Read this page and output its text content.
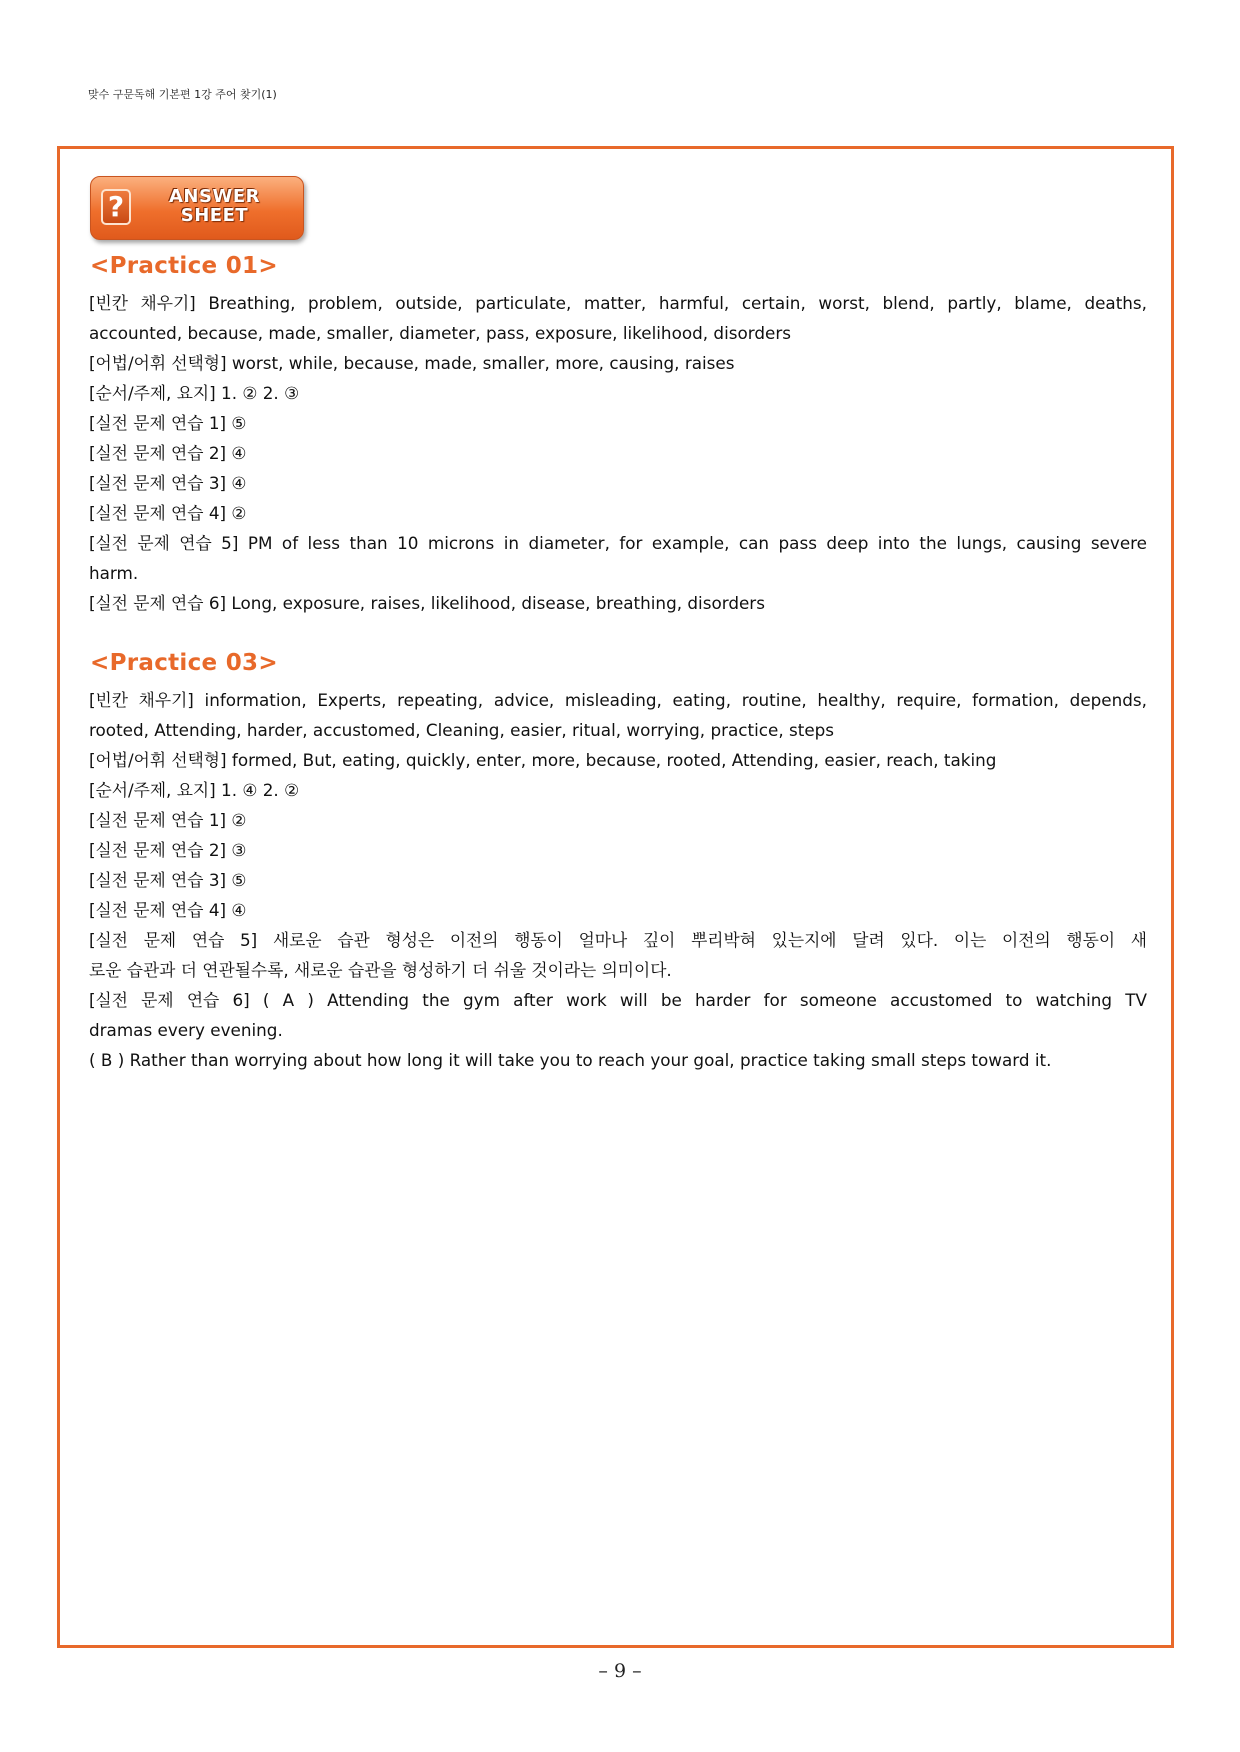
맞수 구문독해 기본편 1강 주어 찾기(1)
?	ANSWER
SHEET
<Practice 01>
[빈칸 채우기] Breathing, problem, outside, particulate, matter, harmful, certain, worst, blend, partly, blame, deaths,
accounted, because, made, smaller, diameter, pass, exposure, likelihood, disorders
[어법/어휘 선택형] worst, while, because, made, smaller, more, causing, raises
[순서/주제, 요지] 1. ② 2. ③
[실전 문제 연습 1] ⑤
[실전 문제 연습 2] ④
[실전 문제 연습 3] ④
[실전 문제 연습 4] ②
[실전 문제 연습 5] PM of less than 10 microns in diameter, for example, can pass deep into the lungs, causing severe
harm.
[실전 문제 연습 6] Long, exposure, raises, likelihood, disease, breathing, disorders
<Practice 03>
[빈칸 채우기] information, Experts, repeating, advice, misleading, eating, routine, healthy, require, formation, depends,
rooted, Attending, harder, accustomed, Cleaning, easier, ritual, worrying, practice, steps
[어법/어휘 선택형] formed, But, eating, quickly, enter, more, because, rooted, Attending, easier, reach, taking
[순서/주제, 요지] 1. ④ 2. ②
[실전 문제 연습 1] ②
[실전 문제 연습 2] ③
[실전 문제 연습 3] ⑤
[실전 문제 연습 4] ④
[실전 문제 연습 5] 새로운 습관 형성은 이전의 행동이 얼마나 깊이 뿌리박혀 있는지에 달려 있다. 이는 이전의 행동이 새
로운 습관과 더 연관될수록, 새로운 습관을 형성하기 더 쉬울 것이라는 의미이다.
[실전 문제 연습 6] ( A ) Attending the gym after work will be harder for someone accustomed to watching TV
dramas every evening.
( B ) Rather than worrying about how long it will take you to reach your goal, practice taking small steps toward it.
– 9 –
